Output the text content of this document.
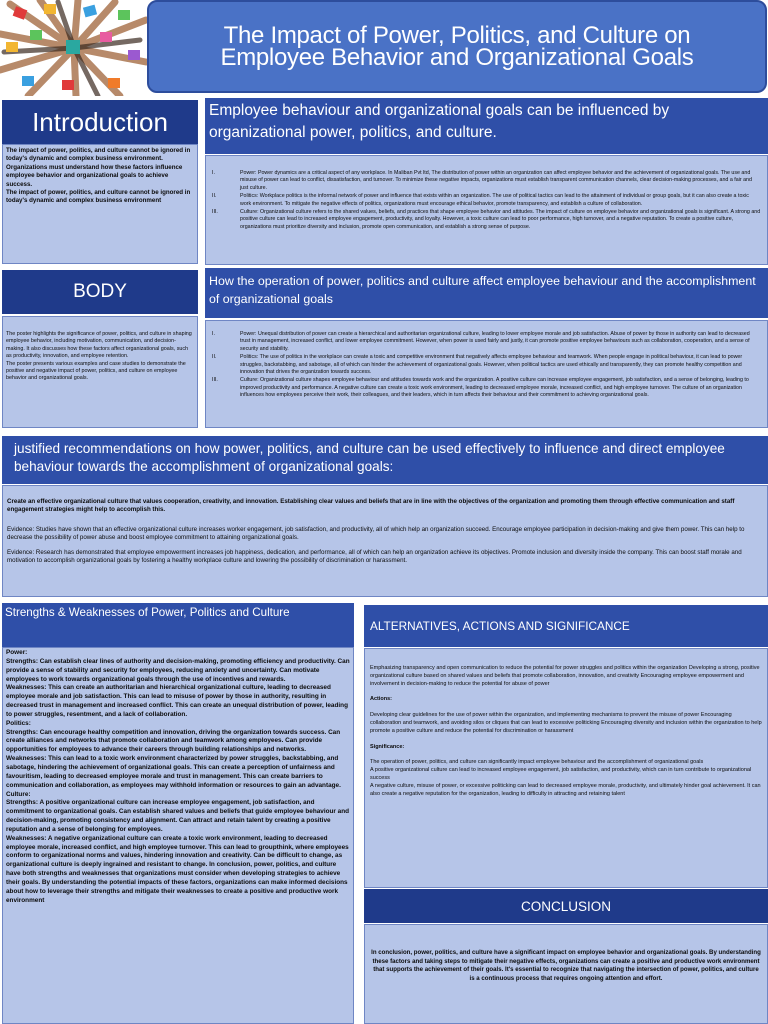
The Impact of Power, Politics, and Culture on Employee Behavior and Organizational Goals
Introduction
The impact of power, politics, and culture cannot be ignored in today's dynamic and complex business environment. Organizations must understand how these factors influence employee behavior and organizational goals to achieve success.
The impact of power, politics, and culture cannot be ignored in today's dynamic and complex business environment
Employee behaviour and organizational goals can be influenced by organizational power, politics, and culture.
I.	Power: Power dynamics are a critical aspect of any workplace. In Maliban Pvt ltd, The distribution of power within an organization can affect employee behavior and the achievement of organizational goals. The use and misuse of power can lead to conflict, dissatisfaction, and turnover. To minimize these negative impacts, organizations must establish transparent communication channels, clear decision-making processes, and a fair and just culture.
II.	Politics: Workplace politics is the informal network of power and influence that exists within an organization. The use of political tactics can lead to the attainment of individual or group goals, but it can also create a toxic work environment. To mitigate the negative effects of politics, organizations must encourage ethical behavior, promote transparency, and establish a culture of collaboration.
III.	Culture: Organizational culture refers to the shared values, beliefs, and practices that shape employee behavior and attitudes. The impact of culture on employee behavior and organizational goals is significant. A strong and positive culture can lead to increased employee engagement, productivity, and loyalty. However, a toxic culture can lead to poor performance, high turnover, and a negative reputation. To create a positive culture, organizations must prioritize diversity and inclusion, promote open communication, and establish a strong sense of purpose.
BODY
The poster highlights the significance of power, politics, and culture in shaping employee behavior, including motivation, communication, and decision-making. It also discusses how these factors affect organizational goals, such as productivity, innovation, and employee retention.
The poster presents various examples and case studies to demonstrate the positive and negative impact of power, politics, and culture on employee behavior and organizational goals.
How the operation of power, politics and culture affect employee behaviour and the accomplishment of organizational goals
I.	Power: Unequal distribution of power can create a hierarchical and authoritarian organizational culture, leading to lower employee morale and job satisfaction. Abuse of power by those in authority can lead to decreased trust in management, increased conflict, and lower employee commitment. However, when power is used fairly and justly, it can promote positive employee behaviours such as collaboration, cooperation, and a sense of security and stability.
II.	Politics: The use of politics in the workplace can create a toxic and competitive environment that negatively affects employee behaviour and teamwork. When people engage in political behaviour, it can lead to power struggles, backstabbing, and sabotage, all of which can hinder the achievement of organizational goals. However, when political tactics are used ethically and transparently, they can promote healthy competition and innovation that drives the organization towards success.
III.	Culture: Organizational culture shapes employee behaviour and attitudes towards work and the organization. A positive culture can increase employee engagement, job satisfaction, and a sense of belonging, leading to improved productivity and performance. A negative culture can create a toxic work environment, leading to decreased employee morale, increased conflict, and high employee turnover. The culture of an organization influences how employees perceive their work, their colleagues, and their leaders, which in turn affects their behaviour and their commitment to achieving organizational goals.
justified recommendations on how power, politics, and culture can be used effectively to influence and direct employee behaviour towards the accomplishment of organizational goals:

Create an effective organizational culture that values cooperation, creativity, and innovation. Establishing clear values and beliefs that are in line with the objectives of the organization and promoting them through effective communication and staff engagement strategies might help to accomplish this.

Evidence: Studies have shown that an effective organizational culture increases worker engagement, job satisfaction, and productivity, all of which help an organization succeed. Encourage employee participation in decision-making and give them power. This can help to decrease the possibility of power abuse and boost employee commitment to attaining organizational goals.

Evidence: Research has demonstrated that employee empowerment increases job happiness, dedication, and performance, all of which can help an organization achieve its objectives. Promote inclusion and diversity inside the company. This can boost staff morale and motivation to accomplish organizational goals by fostering a healthy workplace culture and lowering the possibility of discrimination or harassment.

Strengths & Weaknesses of Power, Politics and Culture
Power:
Strengths: Can establish clear lines of authority and decision-making, promoting efficiency and productivity. Can provide a sense of stability and security for employees, reducing anxiety and uncertainty. Can motivate employees to work towards organizational goals through the use of incentives and rewards.
Weaknesses: This can create an authoritarian and hierarchical organizational culture, leading to decreased employee morale and job satisfaction. This can lead to misuse of power by those in authority, resulting in decreased trust in management and increased conflict. This can create an unequal distribution of power, leading to power struggles, resentment, and a lack of collaboration.
Politics:
Strengths: Can encourage healthy competition and innovation, driving the organization towards success. Can create alliances and networks that promote collaboration and teamwork among employees. Can provide opportunities for employees to advance their careers through building relationships and networks.
Weaknesses: This can lead to a toxic work environment characterized by power struggles, backstabbing, and sabotage, hindering the achievement of organizational goals. This can create a perception of unfairness and favouritism, leading to decreased employee morale and trust in management. This can create barriers to communication and collaboration, as employees may withhold information or resources to gain an advantage.
Culture:
Strengths: A positive organizational culture can increase employee engagement, job satisfaction, and commitment to organizational goals. Can establish shared values and beliefs that guide employee behaviour and decision-making, promoting consistency and alignment. Can attract and retain talent by creating a positive reputation and a sense of belonging for employees.
Weaknesses: A negative organizational culture can create a toxic work environment, leading to decreased employee morale, increased conflict, and high employee turnover. This can lead to groupthink, where employees conform to organizational norms and values, hindering innovation and creativity. Can be difficult to change, as organizational culture is deeply ingrained and resistant to change. In conclusion, power, politics, and culture have both strengths and weaknesses that organizations must consider when developing strategies to achieve their goals. By understanding the potential impacts of these factors, organizations can make informed decisions about how to leverage their strengths and mitigate their weaknesses to create a positive and productive work environment
ALTERNATIVES, ACTIONS AND SIGNIFICANCE
Emphasizing transparency and open communication to reduce the potential for power struggles and politics within the organization Developing a strong, positive organizational culture based on shared values and beliefs that promote collaboration, innovation, and creativity Encouraging employee empowerment and involvement in decision-making to reduce the potential for abuse of power
Actions:
Developing clear guidelines for the use of power within the organization, and implementing mechanisms to prevent the misuse of power Encouraging collaboration and teamwork, and avoiding silos or cliques that can lead to excessive politicking Encouraging diversity and inclusion within the organization to help promote a positive culture and reduce the potential for discrimination or harassment
Significance:
The operation of power, politics, and culture can significantly impact employee behaviour and the accomplishment of organizational goals
A positive organizational culture can lead to increased employee engagement, job satisfaction, and productivity, which can in turn contribute to organizational success
A negative culture, misuse of power, or excessive politicking can lead to decreased employee morale, productivity, and ultimately hinder goal achievement. It can also create a negative reputation for the organization, leading to difficulty in attracting and retaining talent
CONCLUSION
In conclusion, power, politics, and culture have a significant impact on employee behavior and organizational goals. By understanding these factors and taking steps to mitigate their negative effects, organizations can create a positive and productive work environment that supports the achievement of their goals. It's essential to recognize that navigating the intersection of power, politics, and culture is a continuous process that requires ongoing attention and effort.
